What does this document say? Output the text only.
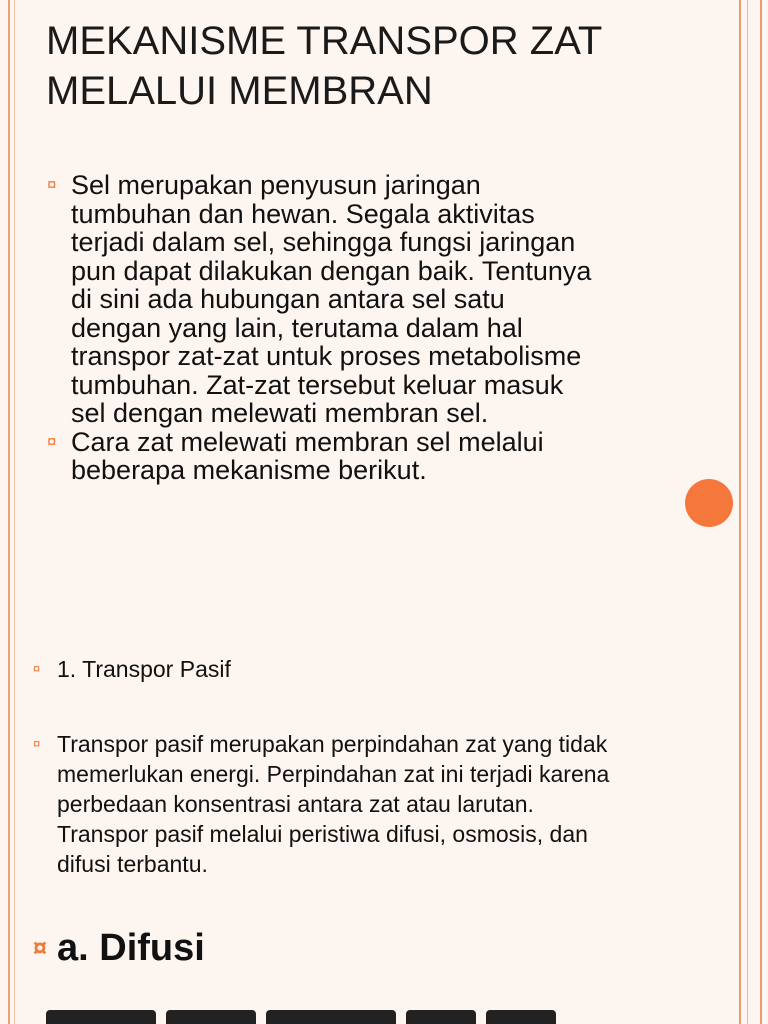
MEKANISME TRANSPOR ZAT
MELALUI MEMBRAN
¤ Sel merupakan penyusun jaringan
tumbuhan dan hewan. Segala aktivitas
terjadi dalam sel, sehingga fungsi jaringan
pun dapat dilakukan dengan baik. Tentunya
di sini ada hubungan antara sel satu
dengan yang lain, terutama dalam hal
transpor zat-zat untuk proses metabolisme
tumbuhan. Zat-zat tersebut keluar masuk
sel dengan melewati membran sel.
¤ Cara zat melewati membran sel melalui
beberapa mekanisme berikut.
¤ 1. Transpor Pasif
¤ Transpor pasif merupakan perpindahan zat yang tidak
memerlukan energi. Perpindahan zat ini terjadi karena
perbedaan konsentrasi antara zat atau larutan.
Transpor pasif melalui peristiwa difusi, osmosis, dan
difusi terbantu.
¤ a. Difusi
